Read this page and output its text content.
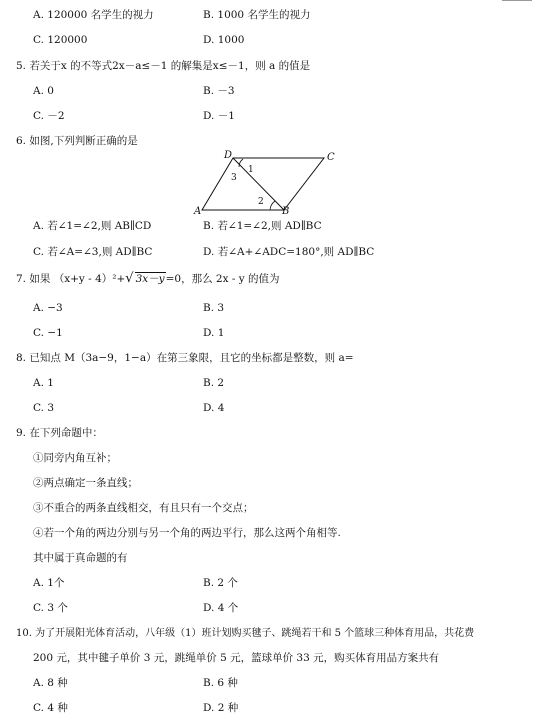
A. 120000 名学生的视力	B. 1000 名学生的视力
C. 120000	D. 1000
5. 若关于x 的不等式2x－a≤－1 的解集是x≤－1，则 a 的值是
A. 0	B. －3
C. －2	D. －1
6. 如图,下列判断正确的是
D	C
A	B
1
2
3
A. 若∠1=∠2,则 AB∥CD	B. 若∠1=∠2,则 AD∥BC
C. 若∠A=∠3,则 AD∥BC	D. 若∠A+∠ADC=180°,则 AD∥BC
7. 如果 （x+y - 4）²+√ 3x－y=0，那么 2x - y 的值为
A. −3	B. 3
C. −1	D. 1
8. 已知点 M（3a−9，1−a）在第三象限，且它的坐标都是整数，则 a=
A. 1	B. 2
C. 3	D. 4
9. 在下列命题中：
①同旁内角互补；
②两点确定一条直线；
③不重合的两条直线相交，有且只有一个交点；
④若一个角的两边分别与另一个角的两边平行，那么这两个角相等.
其中属于真命题的有
A. 1个	B. 2 个
C. 3 个	D. 4 个
10. 为了开展阳光体育活动，八年级（1）班计划购买毽子、跳绳若干和 5 个篮球三种体育用品，共花费
200 元，其中毽子单价 3 元，跳绳单价 5 元，篮球单价 33 元，购买体育用品方案共有
A. 8 种	B. 6 种
C. 4 种	D. 2 种
